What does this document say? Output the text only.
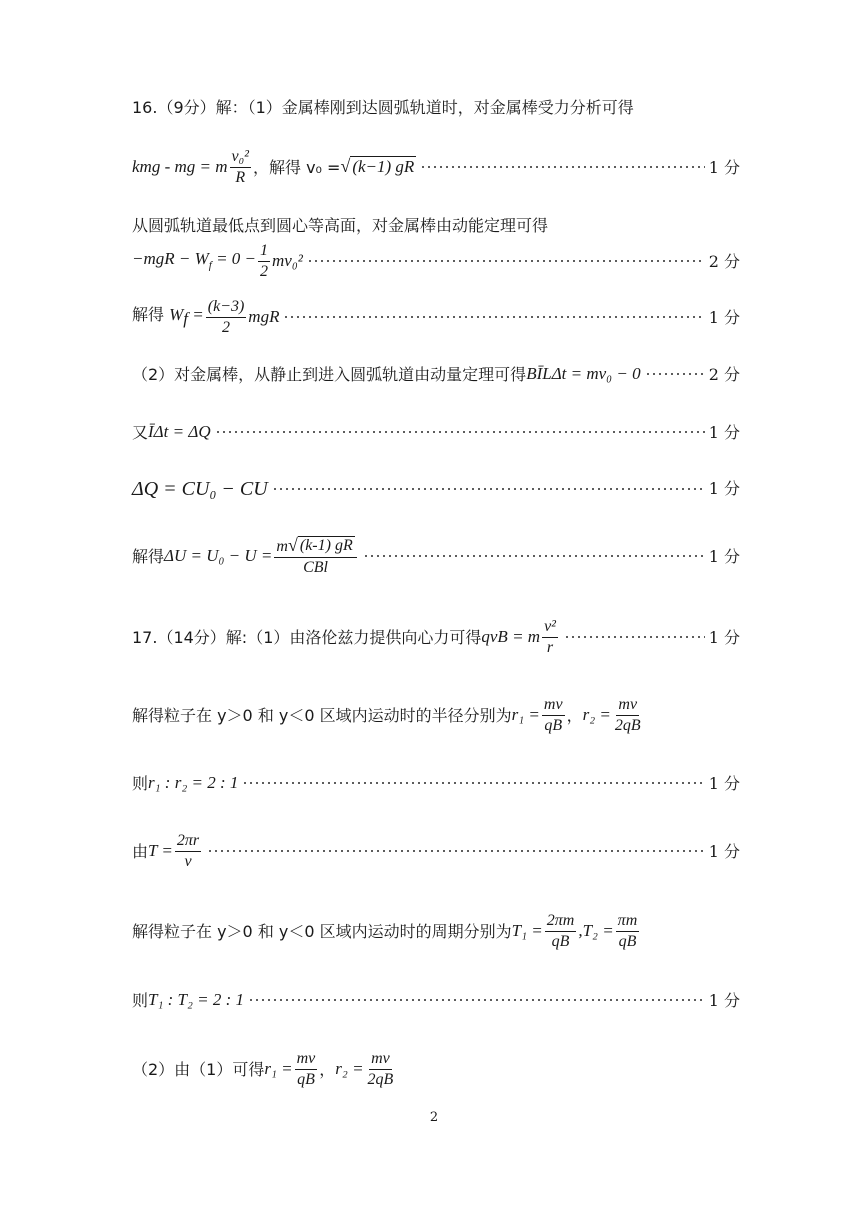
16.（9分）解：（1）金属棒刚到达圆弧轨道时，对金属棒受力分析可得
kmg - mg = m $\frac{\text{v₀²}}{R}$ ，解得 v₀ = √ (k−1) gR	1 分
从圆弧轨道最低点到圆心等高面，对金属棒由动能定理可得
$-mgR - W_f = 0 - \frac{1}{2} mv_0^2$	2 分
解得 $W_f = \frac{(k-3)}{2}$ mgR	1 分
（2）对金属棒，从静止到进入圆弧轨道由动量定理可得 BĪLΔt = mv₀ − 0	2 分
又 ĪΔt = ΔQ	1 分
ΔQ = CU₀ − CU	1 分
解得 $\Delta U = U_0 - U = \frac{m √ (k-1) gR}{\text{CBl}}$	1 分
17.（14分）解:（1）由洛伦兹力提供向心力可得 qvB = m $\frac{\text{v²}}{r}$	1 分
解得粒子在 y＞0 和 y＜0 区域内运动时的半径分别为 $r_1 = \frac{mv}{qB}$ ， $r_2 = \frac{mv}{2qB}$
则 r₁ : r₂ = 2 : 1	1 分
由 $T = \frac{2\pi r}{v}$	1 分
解得粒子在 y＞0 和 y＜0 区域内运动时的周期分别为 $T_1 = \frac{2\pi m}{qB}$ , $T_2 = \frac{\pi m}{qB}$
则 T₁ : T₂ = 2 : 1	1 分
（2）由（1）可得 $r_1 = \frac{mv}{qB}$ ， $r_2 = \frac{mv}{2qB}$
2
